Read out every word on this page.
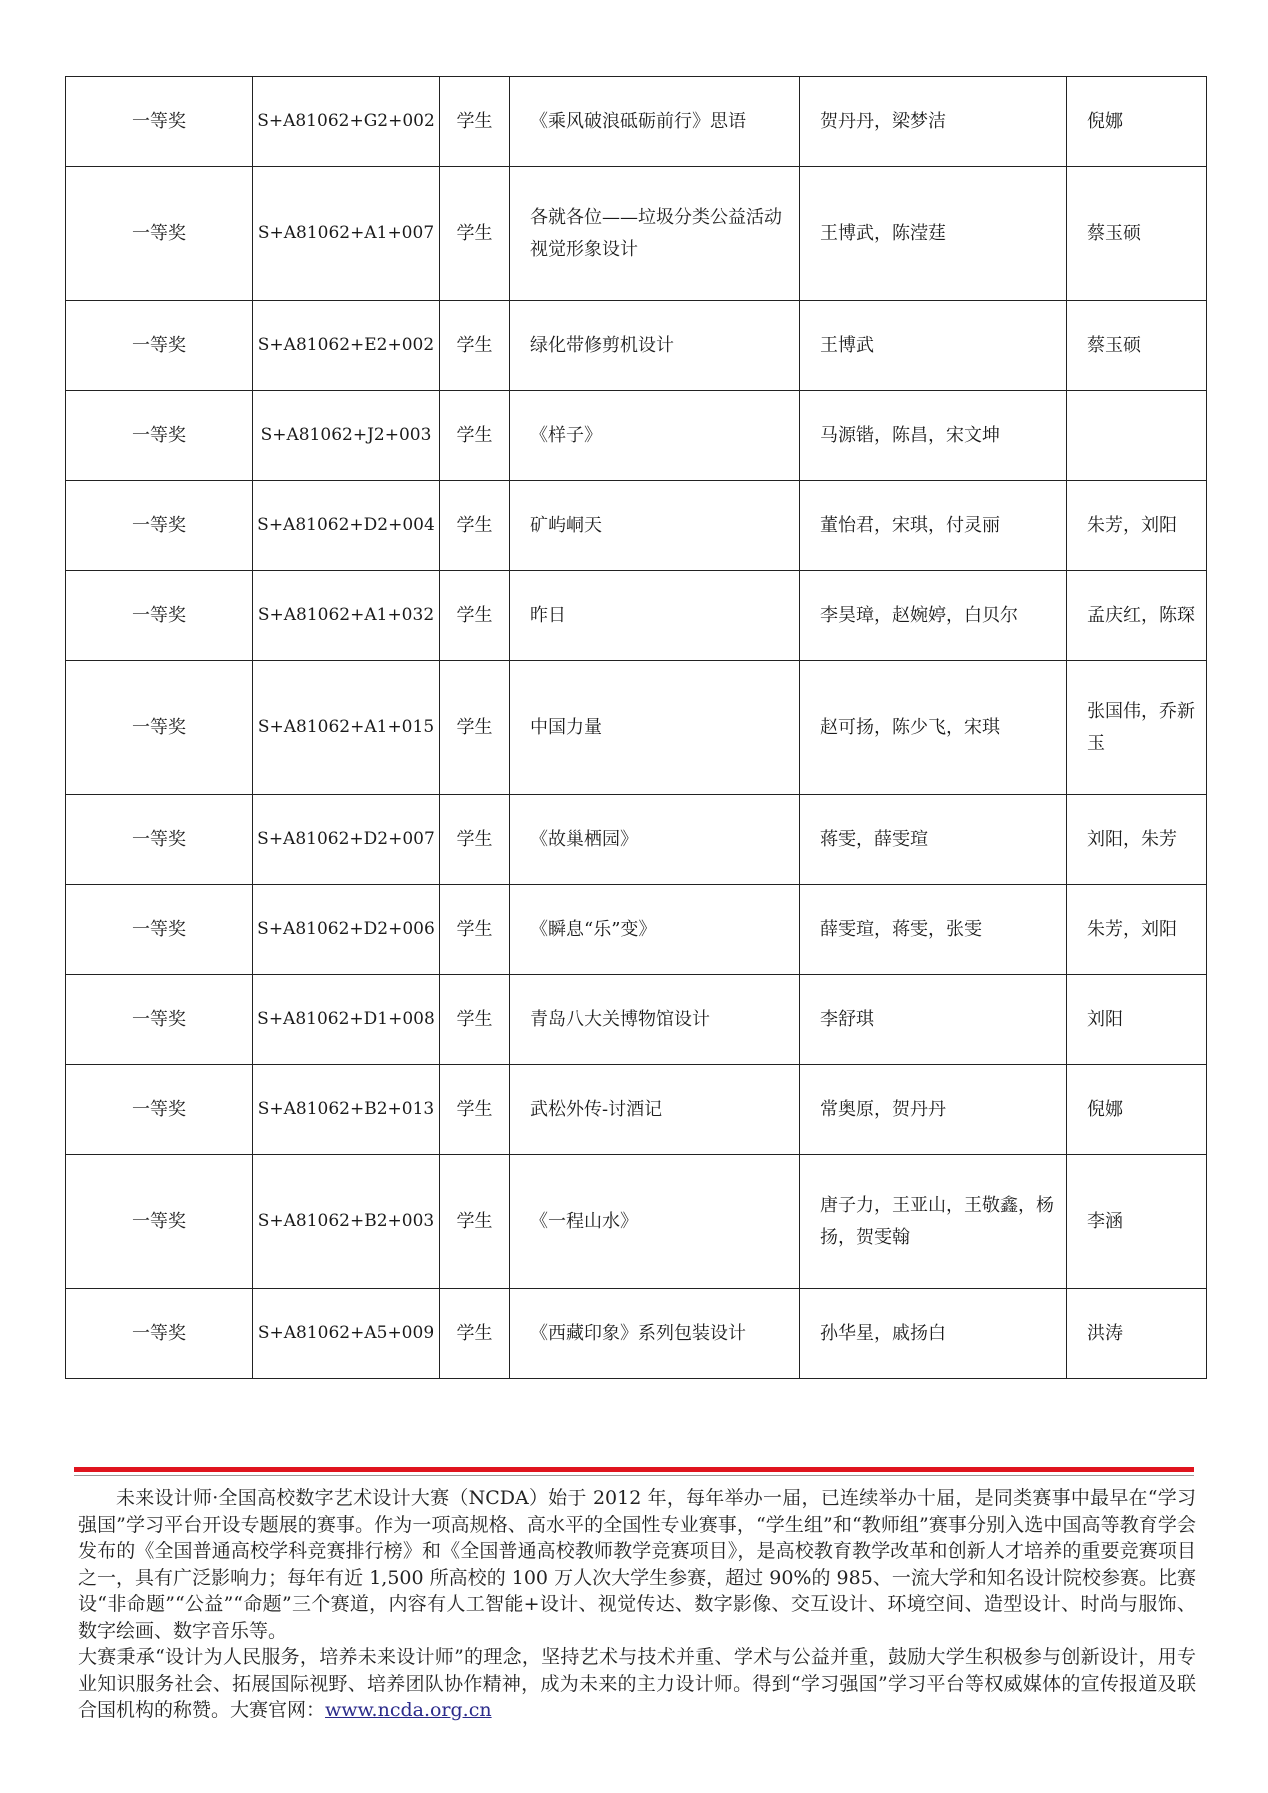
一等奖	S+A81062+G2+002	学生	《乘风破浪砥砺前行》思语	贺丹丹，梁梦洁	倪娜
一等奖	S+A81062+A1+007	学生	各就各位——垃圾分类公益活动视觉形象设计	王博武，陈滢莛	蔡玉硕
一等奖	S+A81062+E2+002	学生	绿化带修剪机设计	王博武	蔡玉硕
一等奖	S+A81062+J2+003	学生	《样子》	马源锴，陈昌，宋文坤	
一等奖	S+A81062+D2+004	学生	矿屿峒天	董怡君，宋琪，付灵丽	朱芳，刘阳
一等奖	S+A81062+A1+032	学生	昨日	李昊璋，赵婉婷，白贝尔	孟庆红，陈琛
一等奖	S+A81062+A1+015	学生	中国力量	赵可扬，陈少飞，宋琪	张国伟，乔新玉
一等奖	S+A81062+D2+007	学生	《故巢栖园》	蒋雯，薛雯瑄	刘阳，朱芳
一等奖	S+A81062+D2+006	学生	《瞬息“乐”变》	薛雯瑄，蒋雯，张雯	朱芳，刘阳
一等奖	S+A81062+D1+008	学生	青岛八大关博物馆设计	李舒琪	刘阳
一等奖	S+A81062+B2+013	学生	武松外传-讨酒记	常奥原，贺丹丹	倪娜
一等奖	S+A81062+B2+003	学生	《一程山水》	唐子力，王亚山，王敬鑫，杨扬，贺雯翰	李涵
一等奖	S+A81062+A5+009	学生	《西藏印象》系列包装设计	孙华星，戚扬白	洪涛

未来设计师·全国高校数字艺术设计大赛（NCDA）始于 2012 年，每年举办一届，已连续举办十届，是同类赛事中最早在“学习强国”学习平台开设专题展的赛事。作为一项高规格、高水平的全国性专业赛事，“学生组”和“教师组”赛事分别入选中国高等教育学会发布的《全国普通高校学科竞赛排行榜》和《全国普通高校教师教学竞赛项目》，是高校教育教学改革和创新人才培养的重要竞赛项目之一，具有广泛影响力；每年有近 1,500 所高校的 100 万人次大学生参赛，超过 90%的 985、一流大学和知名设计院校参赛。比赛设“非命题”“公益”“命题”三个赛道，内容有人工智能+设计、视觉传达、数字影像、交互设计、环境空间、造型设计、时尚与服饰、数字绘画、数字音乐等。

大赛秉承“设计为人民服务，培养未来设计师”的理念，坚持艺术与技术并重、学术与公益并重，鼓励大学生积极参与创新设计，用专业知识服务社会、拓展国际视野、培养团队协作精神，成为未来的主力设计师。得到“学习强国”学习平台等权威媒体的宣传报道及联合国机构的称赞。大赛官网：www.ncda.org.cn
